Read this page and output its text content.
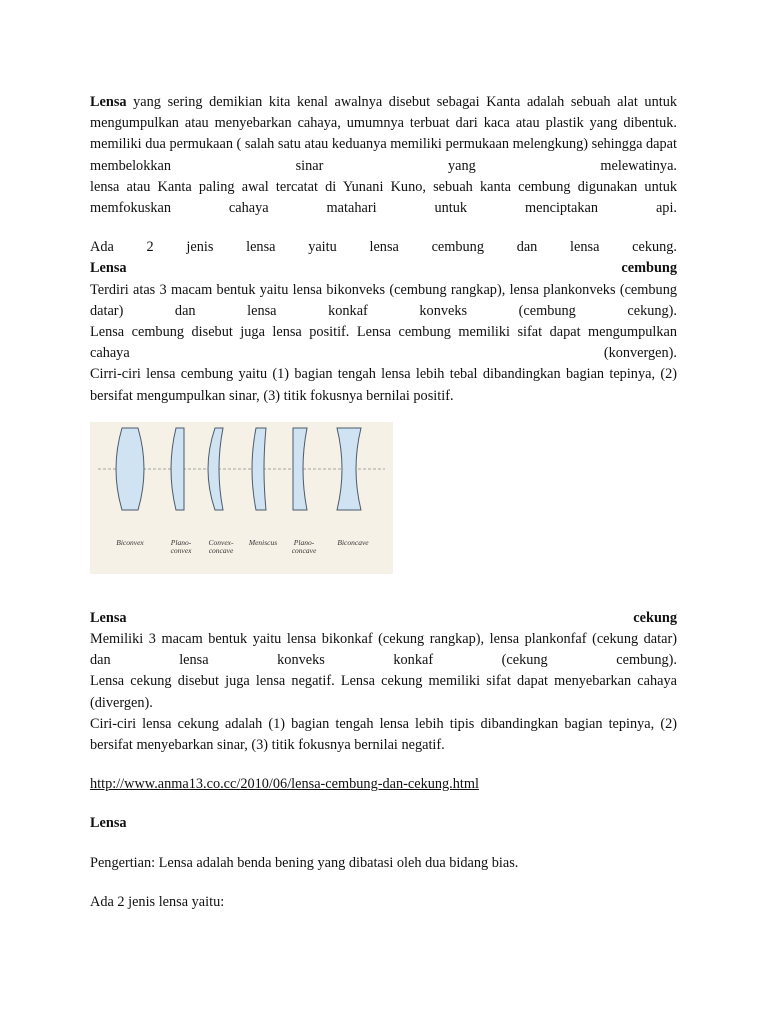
Lensa yang sering demikian kita kenal awalnya disebut sebagai Kanta adalah sebuah alat untuk mengumpulkan atau menyebarkan cahaya, umumnya terbuat dari kaca atau plastik yang dibentuk. memiliki dua permukaan ( salah satu atau keduanya memiliki permukaan melengkung) sehingga dapat membelokkan sinar yang melewatinya.

lensa atau Kanta paling awal tercatat di Yunani Kuno, sebuah kanta cembung digunakan untuk memfokuskan cahaya matahari untuk menciptakan api.

Ada 2 jenis lensa yaitu lensa cembung dan lensa cekung.

Lensa	cembung

Terdiri atas 3 macam bentuk yaitu lensa bikonveks (cembung rangkap), lensa plankonveks (cembung datar) dan lensa konkaf konveks (cembung cekung).

Lensa cembung disebut juga lensa positif. Lensa cembung memiliki sifat dapat mengumpulkan cahaya (konvergen).

Cirri-ciri lensa cembung yaitu (1) bagian tengah lensa lebih tebal dibandingkan bagian tepinya, (2) bersifat mengumpulkan sinar, (3) titik fokusnya bernilai positif.

Biconvex	Plano-
convex
Convex-
concave
Meniscus Plano-
concave
Biconcave
Lensa	cekung

Memiliki 3 macam bentuk yaitu lensa bikonkaf (cekung rangkap), lensa plankonfaf (cekung datar) dan lensa konveks konkaf (cekung cembung).

Lensa cekung disebut juga lensa negatif. Lensa cekung memiliki sifat dapat menyebarkan cahaya (divergen).

Ciri-ciri lensa cekung adalah (1) bagian tengah lensa lebih tipis dibandingkan bagian tepinya, (2) bersifat menyebarkan sinar, (3) titik fokusnya bernilai negatif.

http://www.anma13.co.cc/2010/06/lensa-cembung-dan-cekung.html

Lensa

Pengertian: Lensa adalah benda bening yang dibatasi oleh dua bidang bias.

Ada 2 jenis lensa yaitu:
